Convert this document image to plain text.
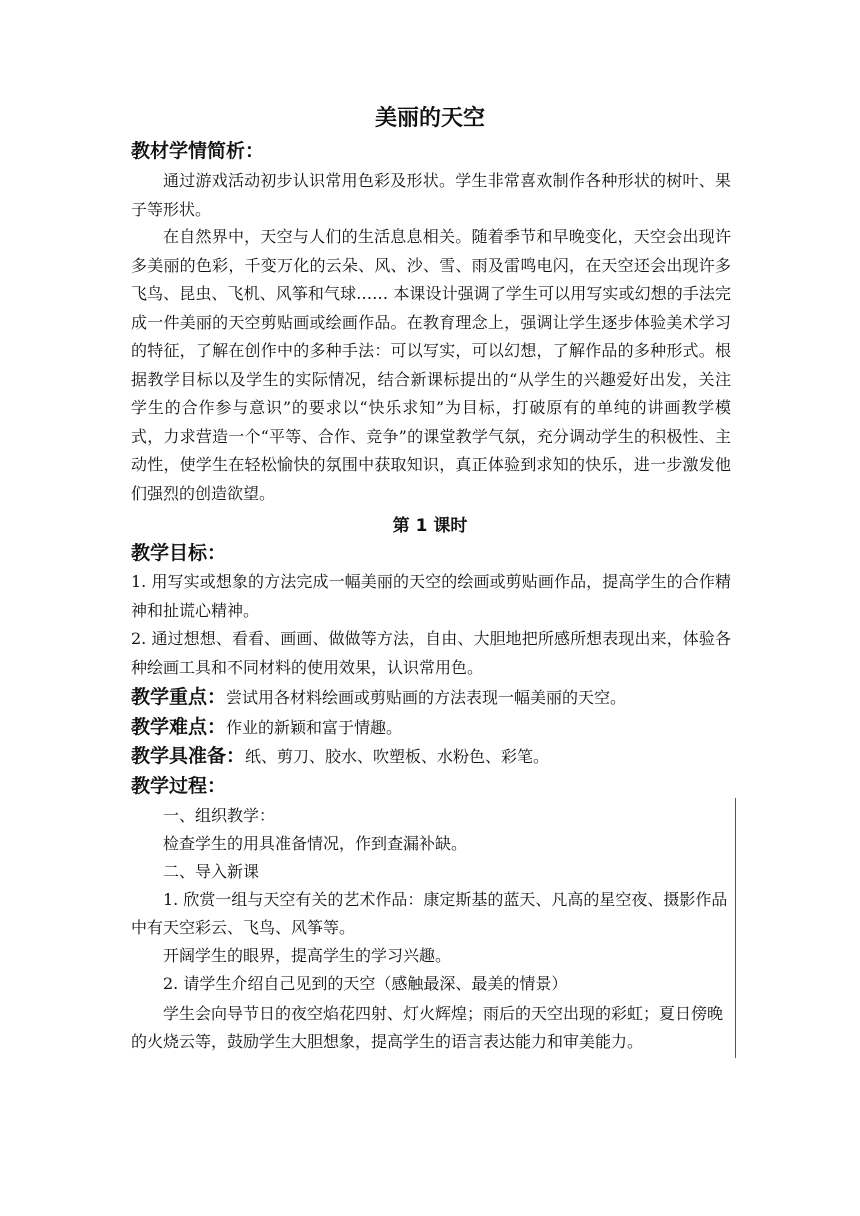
美丽的天空
教材学情简析：

通过游戏活动初步认识常用色彩及形状。学生非常喜欢制作各种形状的树叶、果子等形状。

在自然界中，天空与人们的生活息息相关。随着季节和早晚变化，天空会出现许多美丽的色彩，千变万化的云朵、风、沙、雪、雨及雷鸣电闪，在天空还会出现许多飞鸟、昆虫、飞机、风筝和气球…… 本课设计强调了学生可以用写实或幻想的手法完成一件美丽的天空剪贴画或绘画作品。在教育理念上，强调让学生逐步体验美术学习的特征，了解在创作中的多种手法：可以写实，可以幻想，了解作品的多种形式。根据教学目标以及学生的实际情况，结合新课标提出的“从学生的兴趣爱好出发，关注学生的合作参与意识”的要求以“快乐求知”为目标，打破原有的单纯的讲画教学模式，力求营造一个“平等、合作、竞争”的课堂教学气氛，充分调动学生的积极性、主动性，使学生在轻松愉快的氛围中获取知识，真正体验到求知的快乐，进一步激发他们强烈的创造欲望。

第 1 课时
教学目标：

1. 用写实或想象的方法完成一幅美丽的天空的绘画或剪贴画作品，提高学生的合作精神和扯谎心精神。

2. 通过想想、看看、画画、做做等方法，自由、大胆地把所感所想表现出来，体验各种绘画工具和不同材料的使用效果，认识常用色。

教学重点：尝试用各材料绘画或剪贴画的方法表现一幅美丽的天空。
教学难点：作业的新颖和富于情趣。
教学具准备：纸、剪刀、胶水、吹塑板、水粉色、彩笔。
教学过程：

一、组织教学：

检查学生的用具准备情况，作到查漏补缺。

二、导入新课

1. 欣赏一组与天空有关的艺术作品：康定斯基的蓝天、凡高的星空夜、摄影作品中有天空彩云、飞鸟、风筝等。

开阔学生的眼界，提高学生的学习兴趣。

2. 请学生介绍自己见到的天空（感触最深、最美的情景）

学生会向导节日的夜空焰花四射、灯火辉煌；雨后的天空出现的彩虹；夏日傍晚的火烧云等，鼓励学生大胆想象，提高学生的语言表达能力和审美能力。
